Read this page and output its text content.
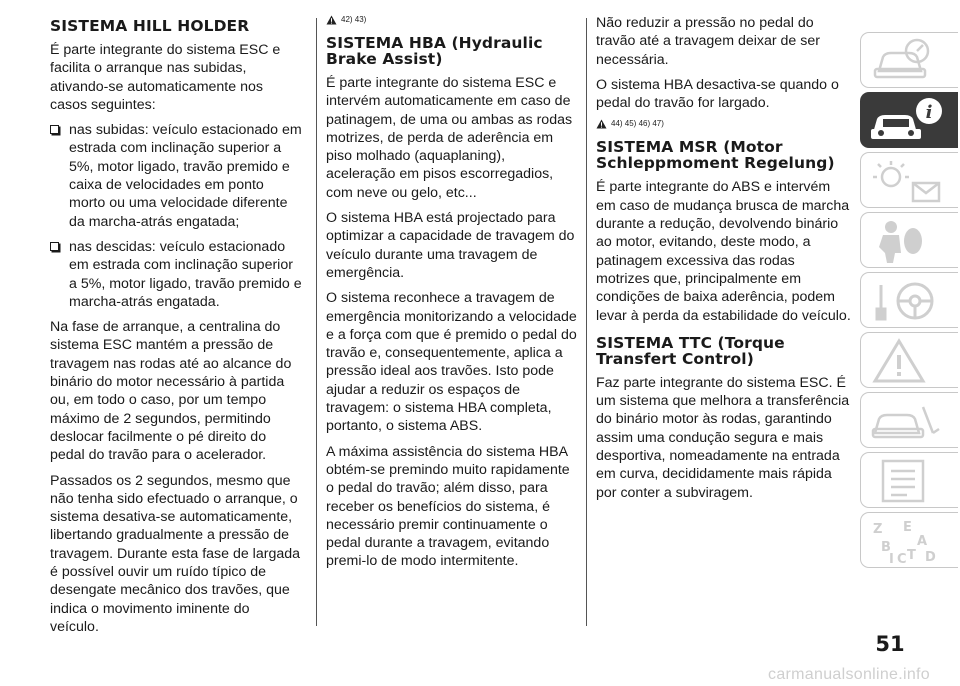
SISTEMA HILL HOLDER

É parte integrante do sistema ESC e facilita o arranque nas subidas, ativando-se automaticamente nos casos seguintes:

nas subidas: veículo estacionado em estrada com inclinação superior a 5%, motor ligado, travão premido e caixa de velocidades em ponto morto ou uma velocidade diferente da marcha-atrás engatada;
nas descidas: veículo estacionado em estrada com inclinação superior a 5%, motor ligado, travão premido e marcha-atrás engatada.

Na fase de arranque, a centralina do sistema ESC mantém a pressão de travagem nas rodas até ao alcance do binário do motor necessário à partida ou, em todo o caso, por um tempo máximo de 2 segundos, permitindo deslocar facilmente o pé direito do pedal do travão para o acelerador.

Passados os 2 segundos, mesmo que não tenha sido efectuado o arranque, o sistema desativa-se automaticamente, libertando gradualmente a pressão de travagem. Durante esta fase de largada é possível ouvir um ruído típico de desengate mecânico dos travões, que indica o movimento iminente do veículo.

42) 43)
SISTEMA HBA (Hydraulic Brake Assist)

É parte integrante do sistema ESC e intervém automaticamente em caso de patinagem, de uma ou ambas as rodas motrizes, de perda de aderência em piso molhado (aquaplaning), aceleração em pisos escorregadios, com neve ou gelo, etc...

O sistema HBA está projectado para optimizar a capacidade de travagem do veículo durante uma travagem de emergência.

O sistema reconhece a travagem de emergência monitorizando a velocidade e a força com que é premido o pedal do travão e, consequentemente, aplica a pressão ideal aos travões. Isto pode ajudar a reduzir os espaços de travagem: o sistema HBA completa, portanto, o sistema ABS.

A máxima assistência do sistema HBA obtém-se premindo muito rapidamente o pedal do travão; além disso, para receber os benefícios do sistema, é necessário premir continuamente o pedal durante a travagem, evitando premi-lo de modo intermitente.

Não reduzir a pressão no pedal do travão até a travagem deixar de ser necessária.

O sistema HBA desactiva-se quando o pedal do travão for largado.

44) 45) 46) 47)
SISTEMA MSR (Motor Schleppmoment Regelung)

É parte integrante do ABS e intervém em caso de mudança brusca de marcha durante a redução, devolvendo binário ao motor, evitando, deste modo, a patinagem excessiva das rodas motrizes que, principalmente em condições de baixa aderência, podem levar à perda da estabilidade do veículo.

SISTEMA TTC (Torque Transfert Control)

Faz parte integrante do sistema ESC. É um sistema que melhora a transferência do binário motor às rodas, garantindo assim uma condução segura e mais desportiva, nomeadamente na entrada em curva, decididamente mais rápida por conter a subviragem.

i
Z E
A
B
C T D
I
51
carmanualsonline.info
